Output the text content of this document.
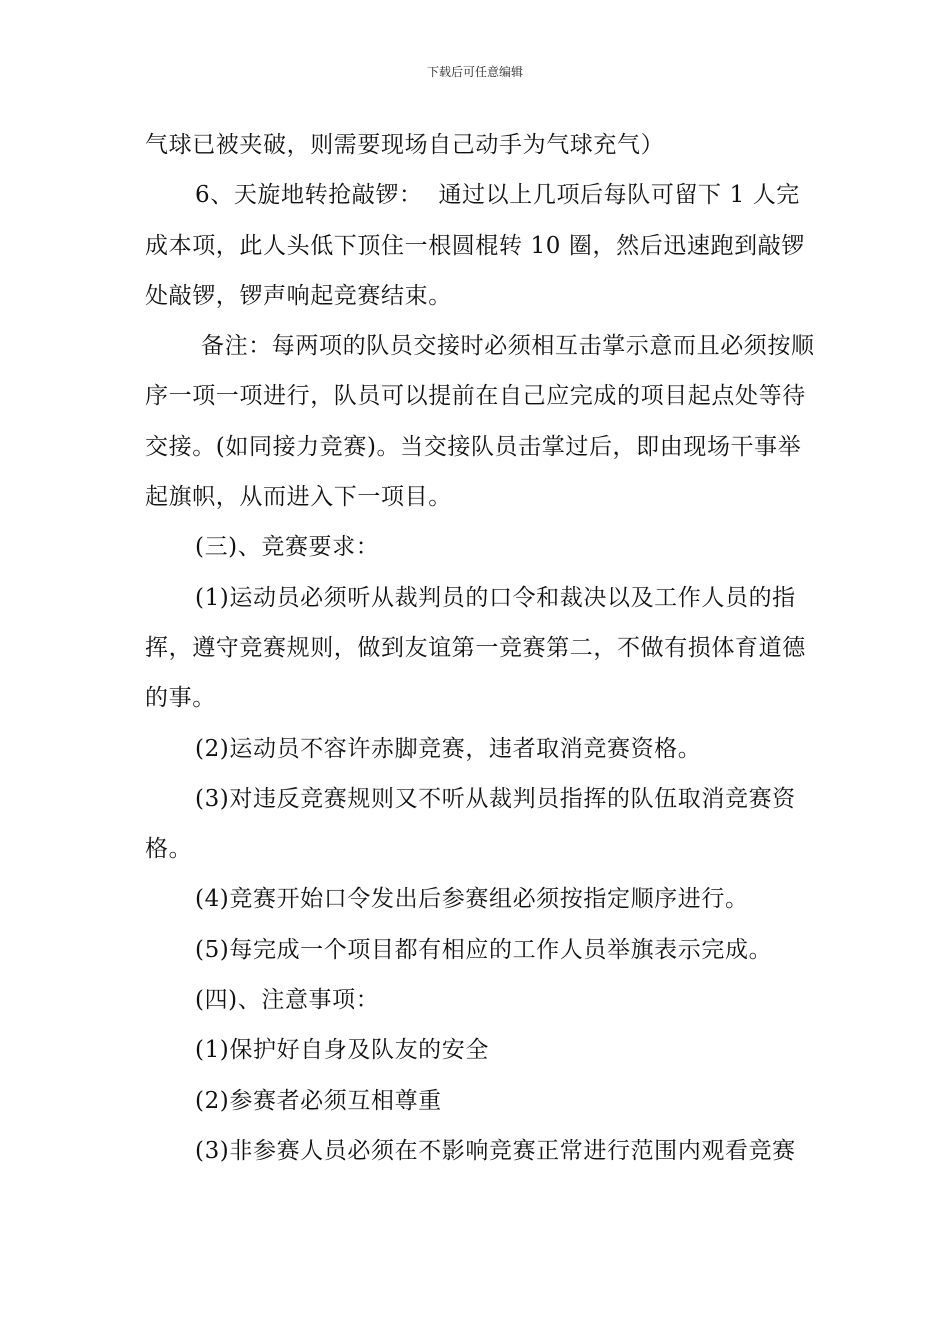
下载后可任意编辑

气球已被夹破，则需要现场自己动手为气球充气）

6、天旋地转抢敲锣：  通过以上几项后每队可留下 1 人完成本项，此人头低下顶住一根圆棍转 10 圈，然后迅速跑到敲锣处敲锣，锣声响起竞赛结束。

备注：每两项的队员交接时必须相互击掌示意而且必须按顺序一项一项进行，队员可以提前在自己应完成的项目起点处等待交接。(如同接力竞赛)。当交接队员击掌过后，即由现场干事举起旗帜，从而进入下一项目。

(三)、竞赛要求：

(1)运动员必须听从裁判员的口令和裁决以及工作人员的指挥，遵守竞赛规则，做到友谊第一竞赛第二，不做有损体育道德的事。

(2)运动员不容许赤脚竞赛，违者取消竞赛资格。

(3)对违反竞赛规则又不听从裁判员指挥的队伍取消竞赛资格。

(4)竞赛开始口令发出后参赛组必须按指定顺序进行。

(5)每完成一个项目都有相应的工作人员举旗表示完成。

(四)、注意事项：

(1)保护好自身及队友的安全

(2)参赛者必须互相尊重

(3)非参赛人员必须在不影响竞赛正常进行范围内观看竞赛
